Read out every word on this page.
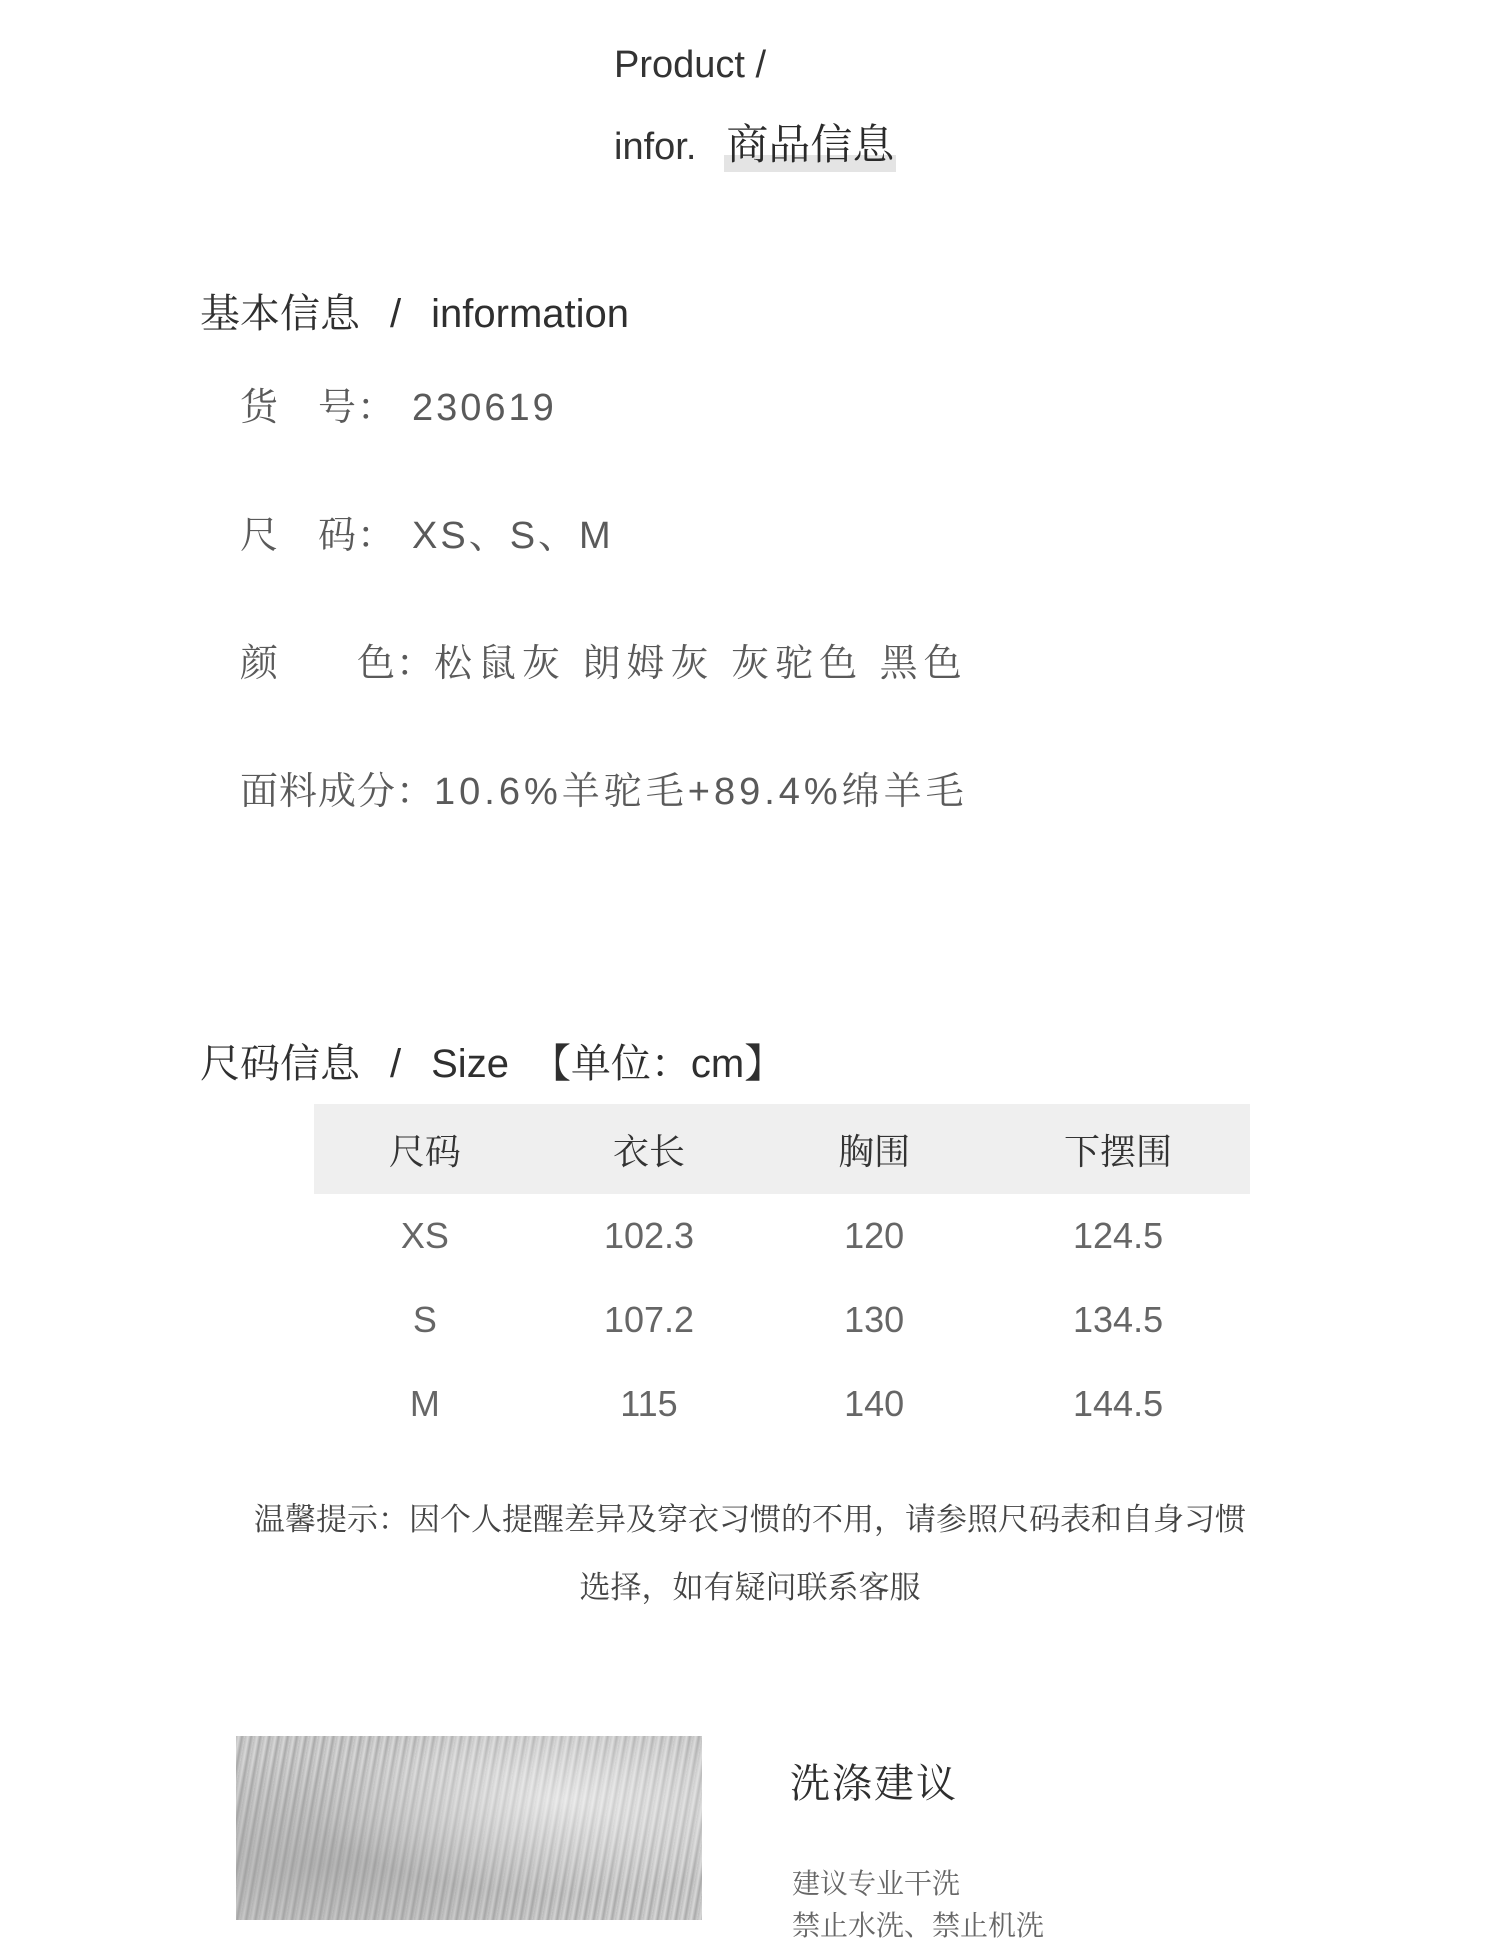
Product /
infor. 商品信息
基本信息 / information
货　号： 230619
尺　码： XS、S、M
颜　　色：松鼠灰 朗姆灰 灰驼色 黑色
面料成分：10.6%羊驼毛+89.4%绵羊毛
尺码信息 / Size 【单位：cm】
尺码	衣长	胸围	下摆围
XS	102.3	120	124.5
S	107.2	130	134.5
M	115	140	144.5
温馨提示：因个人提醒差异及穿衣习惯的不用，请参照尺码表和自身习惯
选择，如有疑问联系客服
洗涤建议
建议专业干洗
禁止水洗、禁止机洗
